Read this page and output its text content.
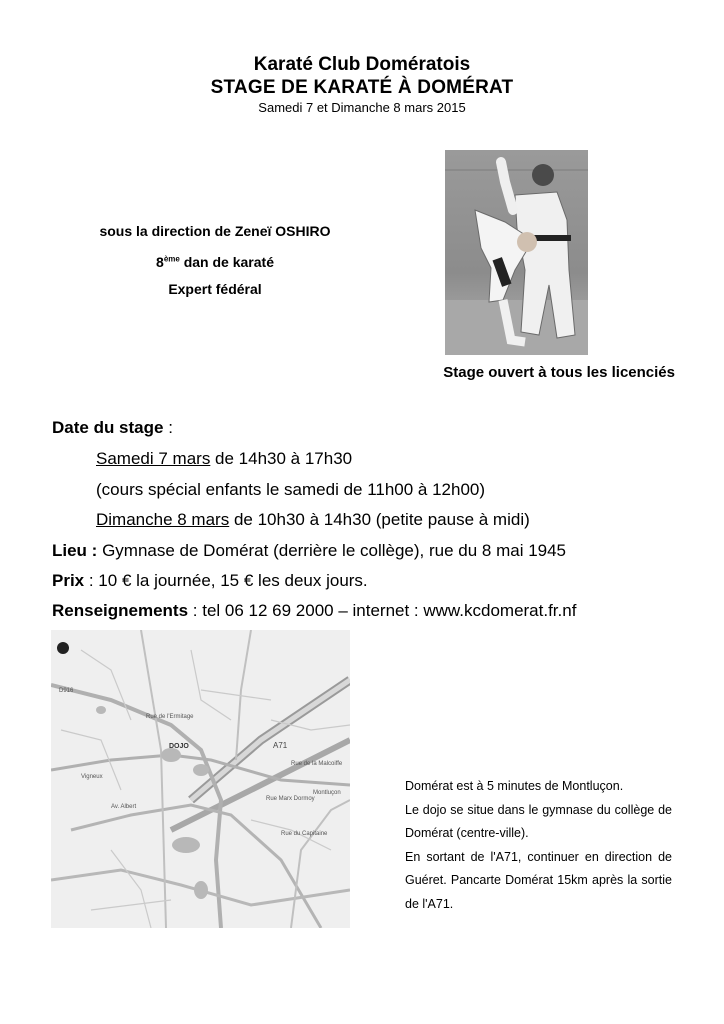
Karaté Club Domératois
STAGE DE KARATÉ À DOMÉRAT
Samedi 7 et Dimanche 8 mars 2015
sous la direction de Zeneï OSHIRO
8ème dan de karaté
Expert fédéral
Stage ouvert à tous les licenciés
Date du stage :
Samedi 7 mars de 14h30 à 17h30
(cours spécial enfants le samedi de 11h00 à 12h00)
Dimanche 8 mars de 10h30 à 14h30 (petite pause à midi)
Lieu : Gymnase de Domérat (derrière le collège), rue du 8 mai 1945
Prix : 10 € la journée, 15 € les deux jours.
Renseignements : tel 06 12 69 2000 – internet : www.kcdomerat.fr.nf
DOJO	A71
Montluçon
D916
Vigneux
Rue de la Malcoiffe
Rue Marx Dormoy
Av. Albert
Rue de l'Ermitage
Rue du Capitaine

Domérat est à 5 minutes de Montluçon.

Le dojo se situe dans le gymnase du collège de Domérat (centre-ville).

En sortant de l'A71, continuer en direction de Guéret. Pancarte Domérat 15km après la sortie de l'A71.
